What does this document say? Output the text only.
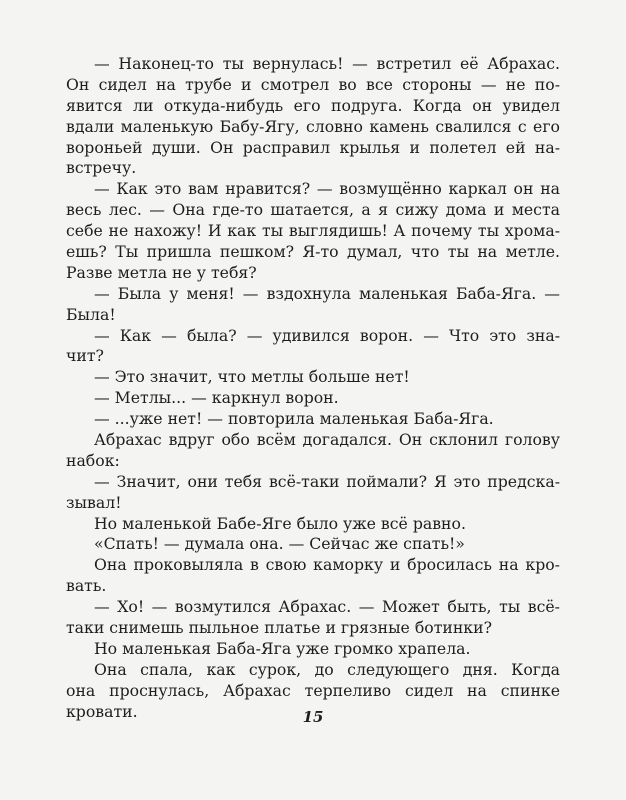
— Наконец-то ты вернулась! — встретил её Абрахас.
Он сидел на трубе и смотрел во все стороны — не по-
явится ли откуда-нибудь его подруга. Когда он увидел
вдали маленькую Бабу-Ягу, словно камень свалился с его
вороньей души. Он расправил крылья и полетел ей на-
встречу.
— Как это вам нравится? — возмущённо каркал он на
весь лес. — Она где-то шатается, а я сижу дома и места
себе не нахожу! И как ты выглядишь! А почему ты хрома-
ешь? Ты пришла пешком? Я-то думал, что ты на метле.
Разве метла не у тебя?
— Была у меня! — вздохнула маленькая Баба-Яга. —
Была!
— Как — была? — удивился ворон. — Что это зна-
чит?
— Это значит, что метлы больше нет!
— Метлы... — каркнул ворон.
— ...уже нет! — повторила маленькая Баба-Яга.
Абрахас вдруг обо всём догадался. Он склонил голову
набок:
— Значит, они тебя всё-таки поймали? Я это предска-
зывал!
Но маленькой Бабе-Яге было уже всё равно.
«Спать! — думала она. — Сейчас же спать!»
Она проковыляла в свою каморку и бросилась на кро-
вать.
— Хо! — возмутился Абрахас. — Может быть, ты всё-
таки снимешь пыльное платье и грязные ботинки?
Но маленькая Баба-Яга уже громко храпела.
Она спала, как сурок, до следующего дня. Когда
она проснулась, Абрахас терпеливо сидел на спинке
кровати.	15
